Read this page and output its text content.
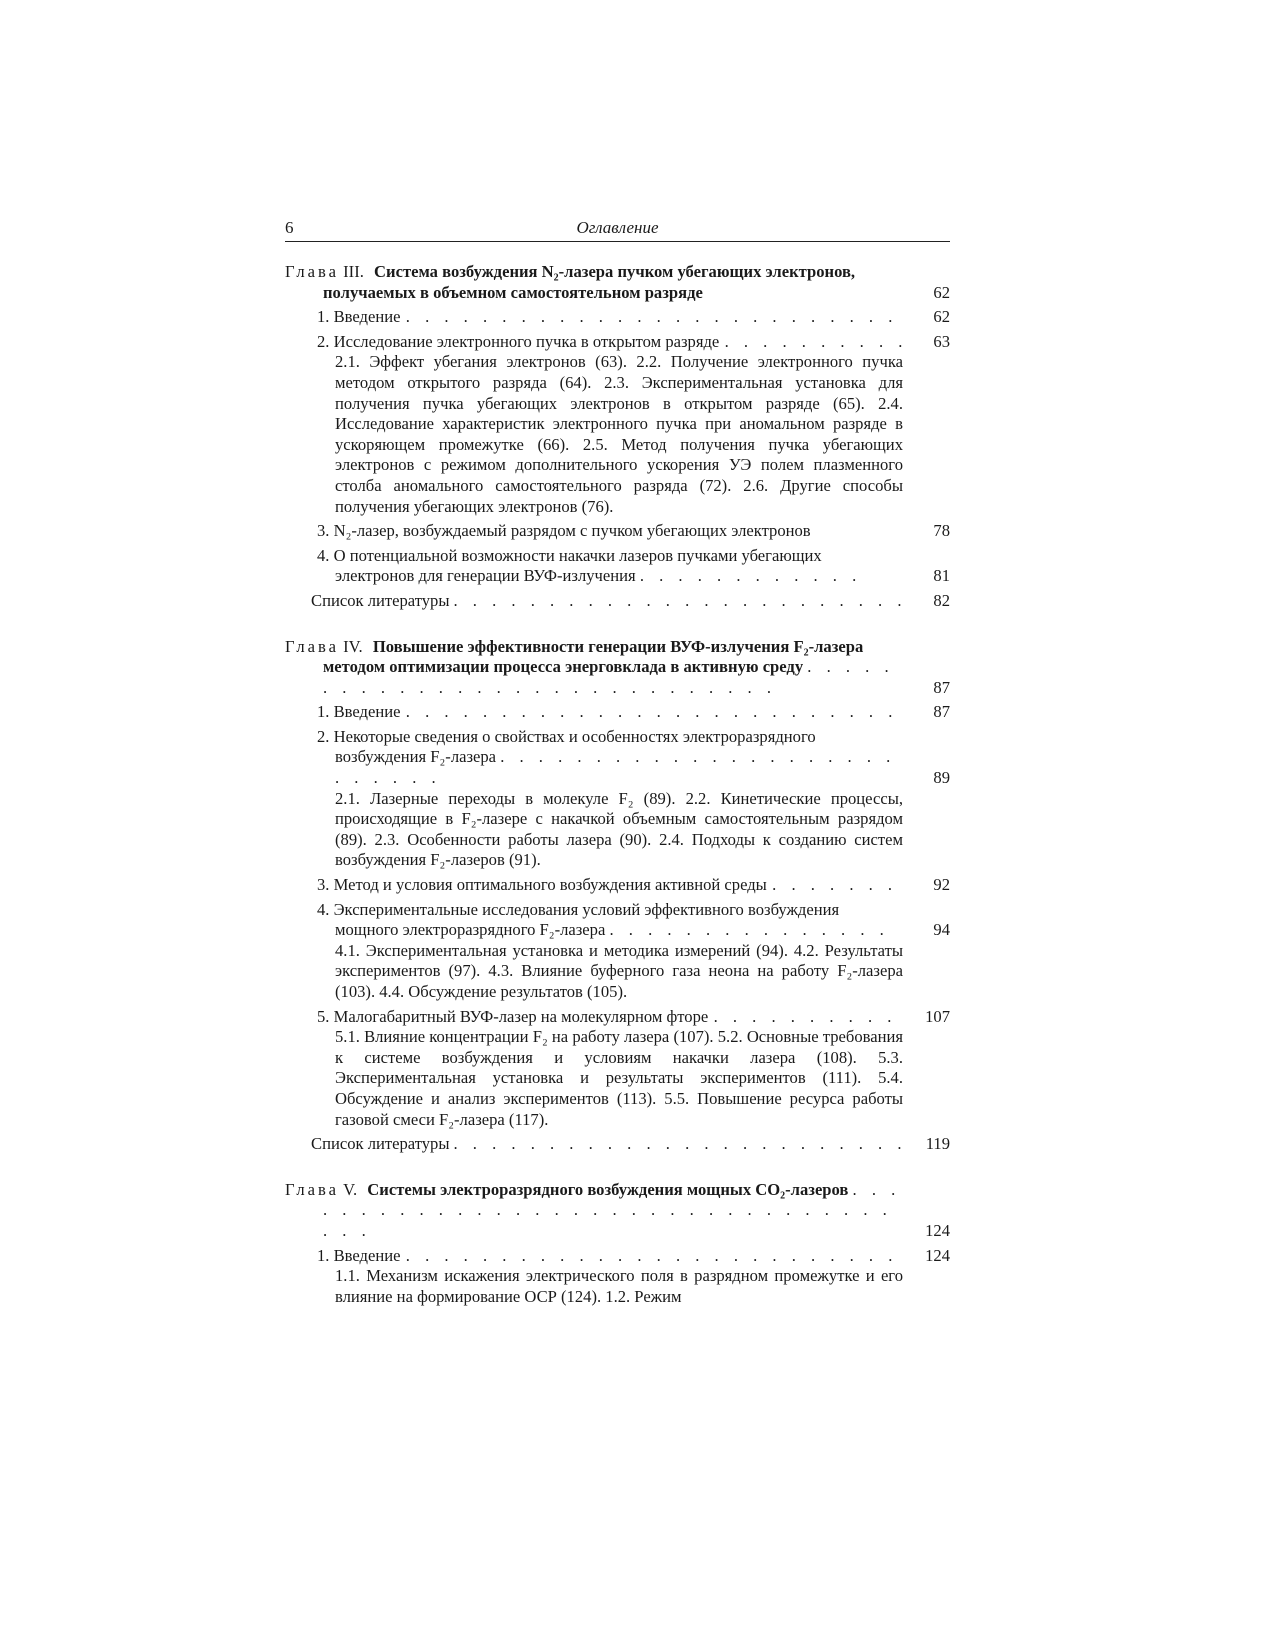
6	Оглавление
Глава III. Система возбуждения N₂-лазера пучком убегающих электронов, получаемых в объемном самостоятельном разряде	62
1. Введение . . .	62
2. Исследование электронного пучка в открытом разряде . . .	63
2.1. Эффект убегания электронов (63). 2.2. Получение электронного пучка методом открытого разряда (64). 2.3. Экспериментальная установка для получения пучка убегающих электронов в открытом разряде (65). 2.4. Исследование характеристик электронного пучка при аномальном разряде в ускоряющем промежутке (66). 2.5. Метод получения пучка убегающих электронов с режимом дополнительного ускорения УЭ полем плазменного столба аномального самостоятельного разряда (72). 2.6. Другие способы получения убегающих электронов (76).
3. N₂-лазер, возбуждаемый разрядом с пучком убегающих электронов	78
4. О потенциальной возможности накачки лазеров пучками убегающих электронов для генерации ВУФ-излучения . . . . . . . . . . . .	81
Список литературы . . .	82
Глава IV. Повышение эффективности генерации ВУФ-излучения F₂-лазера методом оптимизации процесса энерговклада в активную среду . . . . . . . . . . . . . . . . . . . . . . . . . . . . .	87
1. Введение . . .	87
2. Некоторые сведения о свойствах и особенностях электроразрядного возбуждения F₂-лазера . . . . . . . . . . . . . . . . . . . . . . . . . . .	89
2.1. Лазерные переходы в молекуле F₂ (89). 2.2. Кинетические процессы, происходящие в F₂-лазере с накачкой объемным самостоятельным разрядом (89). 2.3. Особенности работы лазера (90). 2.4. Подходы к созданию систем возбуждения F₂-лазеров (91).
3. Метод и условия оптимального возбуждения активной среды . . .	92
4. Экспериментальные исследования условий эффективного возбуждения мощного электроразрядного F₂-лазера . . . . . . . . . . . . . . .	94
4.1. Экспериментальная установка и методика измерений (94). 4.2. Результаты экспериментов (97). 4.3. Влияние буферного газа неона на работу F₂-лазера (103). 4.4. Обсуждение результатов (105).
5. Малогабаритный ВУФ-лазер на молекулярном фторе . . .	107
5.1. Влияние концентрации F₂ на работу лазера (107). 5.2. Основные требования к системе возбуждения и условиям накачки лазера (108). 5.3. Экспериментальная установка и результаты экспериментов (111). 5.4. Обсуждение и анализ экспериментов (113). 5.5. Повышение ресурса работы газовой смеси F₂-лазера (117).
Список литературы . . .	119
Глава V. Системы электроразрядного возбуждения мощных CO₂-лазеров . . . . . . . . . . . . . . . . . . . . . . . . . . . . . . . . . . . .	124
1. Введение . . .	124
1.1. Механизм искажения электрического поля в разрядном промежутке и его влияние на формирование ОСР (124). 1.2. Режим
